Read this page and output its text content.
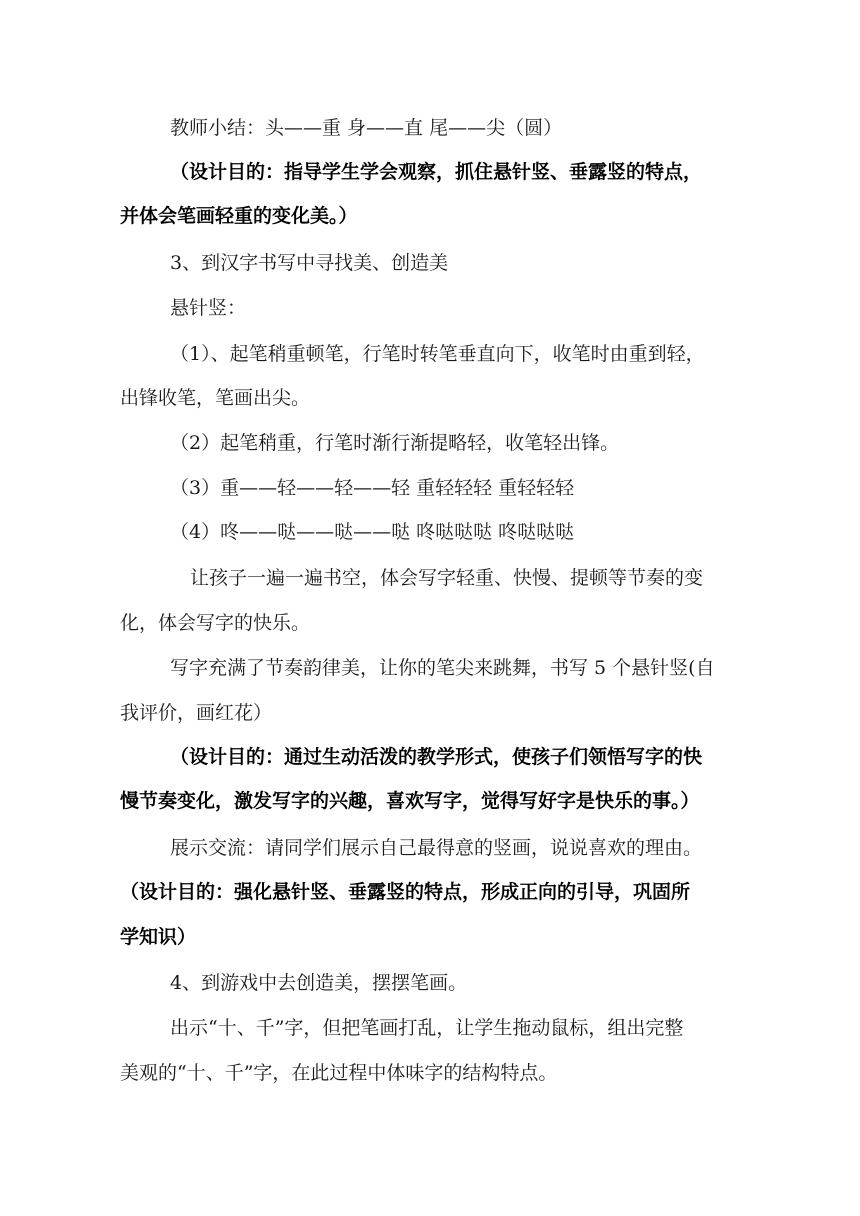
教师小结：头——重 身——直 尾——尖（圆）
（设计目的：指导学生学会观察，抓住悬针竖、垂露竖的特点，
并体会笔画轻重的变化美。）
3、到汉字书写中寻找美、创造美
悬针竖：
（1）、起笔稍重顿笔，行笔时转笔垂直向下，收笔时由重到轻，
出锋收笔，笔画出尖。
（2）起笔稍重，行笔时渐行渐提略轻，收笔轻出锋。
（3）重——轻——轻——轻 重轻轻轻 重轻轻轻
（4）咚——哒——哒——哒 咚哒哒哒 咚哒哒哒
让孩子一遍一遍书空，体会写字轻重、快慢、提顿等节奏的变
化，体会写字的快乐。
写字充满了节奏韵律美，让你的笔尖来跳舞，书写 5 个悬针竖(自
我评价，画红花）
（设计目的：通过生动活泼的教学形式，使孩子们领悟写字的快
慢节奏变化，激发写字的兴趣，喜欢写字，觉得写好字是快乐的事。）
展示交流：请同学们展示自己最得意的竖画，说说喜欢的理由。
（设计目的：强化悬针竖、垂露竖的特点，形成正向的引导，巩固所
学知识）
4、到游戏中去创造美，摆摆笔画。
出示“十、千”字，但把笔画打乱，让学生拖动鼠标，组出完整
美观的“十、千”字，在此过程中体味字的结构特点。
